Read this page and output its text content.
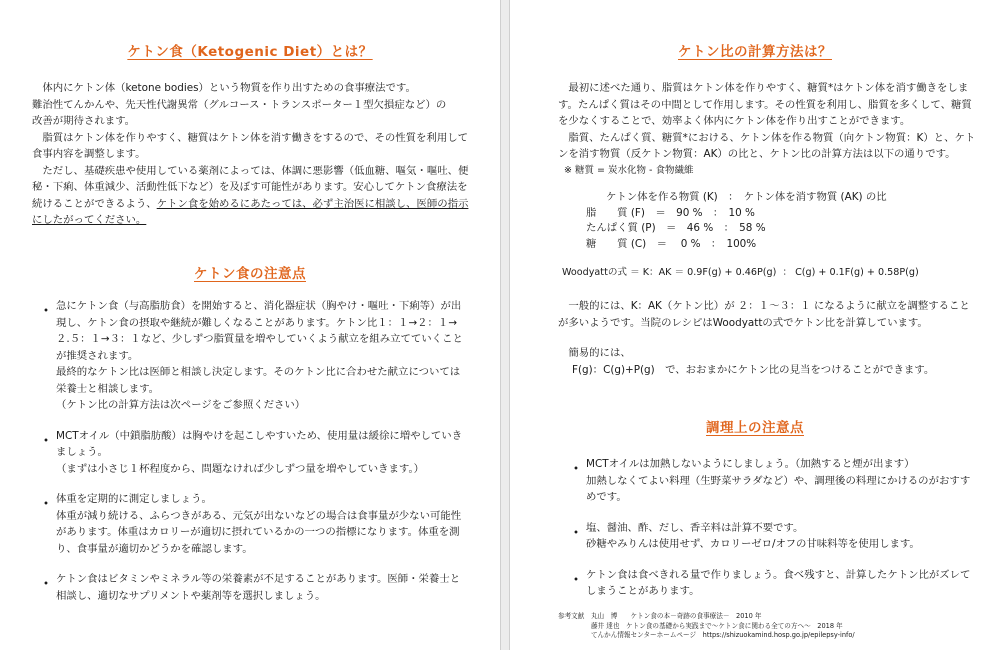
ケトン食（Ketogenic Diet）とは？

　体内にケトン体（ketone bodies）という物質を作り出すための食事療法です。
難治性てんかんや、先天性代謝異常（グルコース・トランスポーター１型欠損症など）の
改善が期待されます。

　脂質はケトン体を作りやすく、糖質はケトン体を消す働きをするので、その性質を利用して食事内容を調整します。

　ただし、基礎疾患や使用している薬剤によっては、体調に悪影響（低血糖、嘔気・嘔吐、便秘・下痢、体重減少、活動性低下など）を及ぼす可能性があります。安心してケトン食療法を続けることができるよう、ケトン食を始めるにあたっては、必ず主治医に相談し、医師の指示にしたがってください。

ケトン食の注意点
・ 急にケトン食（与高脂肪食）を開始すると、消化器症状（胸やけ・嘔吐・下痢等）が出現し、ケトン食の摂取や継続が難しくなることがあります。ケトン比１：１→２：１→２.５：１→３：１など、少しずつ脂質量を増やしていくよう献立を組み立てていくことが推奨されます。
最終的なケトン比は医師と相談し決定します。そのケトン比に合わせた献立については栄養士と相談します。
（ケトン比の計算方法は次ページをご参照ください）

・ MCTオイル（中鎖脂肪酸）は胸やけを起こしやすいため、使用量は緩徐に増やしていきましょう。
（まずは小さじ１杯程度から、問題なければ少しずつ量を増やしていきます。）

・ 体重を定期的に測定しましょう。
体重が減り続ける、ふらつきがある、元気が出ないなどの場合は食事量が少ない可能性があります。体重はカロリーが適切に摂れているかの一つの指標になります。体重を測り、食事量が適切かどうかを確認します。

・ ケトン食はビタミンやミネラル等の栄養素が不足することがあります。医師・栄養士と相談し、適切なサプリメントや薬剤等を選択しましょう。

ケトン比の計算方法は？

　最初に述べた通り、脂質はケトン体を作りやすく、糖質*はケトン体を消す働きをします。たんぱく質はその中間として作用します。その性質を利用し、脂質を多くして、糖質を少なくすることで、効率よく体内にケトン体を作り出すことができます。

　脂質、たんぱく質、糖質*における、ケトン体を作る物質（向ケトン物質：K）と、ケトンを消す物質（反ケトン物質：AK）の比と、ケトン比の計算方法は以下の通りです。

※ 糖質 = 炭水化物 - 食物繊維

ケトン体を作る物質 (K)　：　ケトン体を消す物質 (AK) の比
脂　　質 (F)　＝　90 %　：　10 %
たんぱく質 (P)　＝　46 %　：　58 %
糖　　質 (C)　＝　 0 %　：　100%
Woodyattの式 ＝ K：AK ＝ 0.9F(g) + 0.46P(g)  ： C(g) + 0.1F(g) + 0.58P(g)

　一般的には、K：AK（ケトン比）が ２：１～３：１ になるように献立を調整することが多いようです。当院のレシピはWoodyattの式でケトン比を計算しています。

　簡易的には、

F(g)：C(g)+P(g)　で、おおまかにケトン比の見当をつけることができます。

調理上の注意点
・ MCTオイルは加熱しないようにしましょう。（加熱すると煙が出ます）
加熱しなくてよい料理（生野菜サラダなど）や、調理後の料理にかけるのがおすすめです。

・ 塩、醤油、酢、だし、香辛料は計算不要です。
砂糖やみりんは使用せず、カロリーゼロ/オフの甘味料等を使用します。

・ ケトン食は食べきれる量で作りましょう。食べ残すと、計算したケトン比がズレてしまうことがあります。

参考文献　丸山　博　　ケトン食の本－奇跡の食事療法－　2010 年
　　　　　藤井 達也　ケトン食の基礎から実践まで～ケトン食に関わる全ての方へ～　2018 年
　　　　　てんかん情報センターホームページ　https://shizuokamind.hosp.go.jp/epilepsy-info/
